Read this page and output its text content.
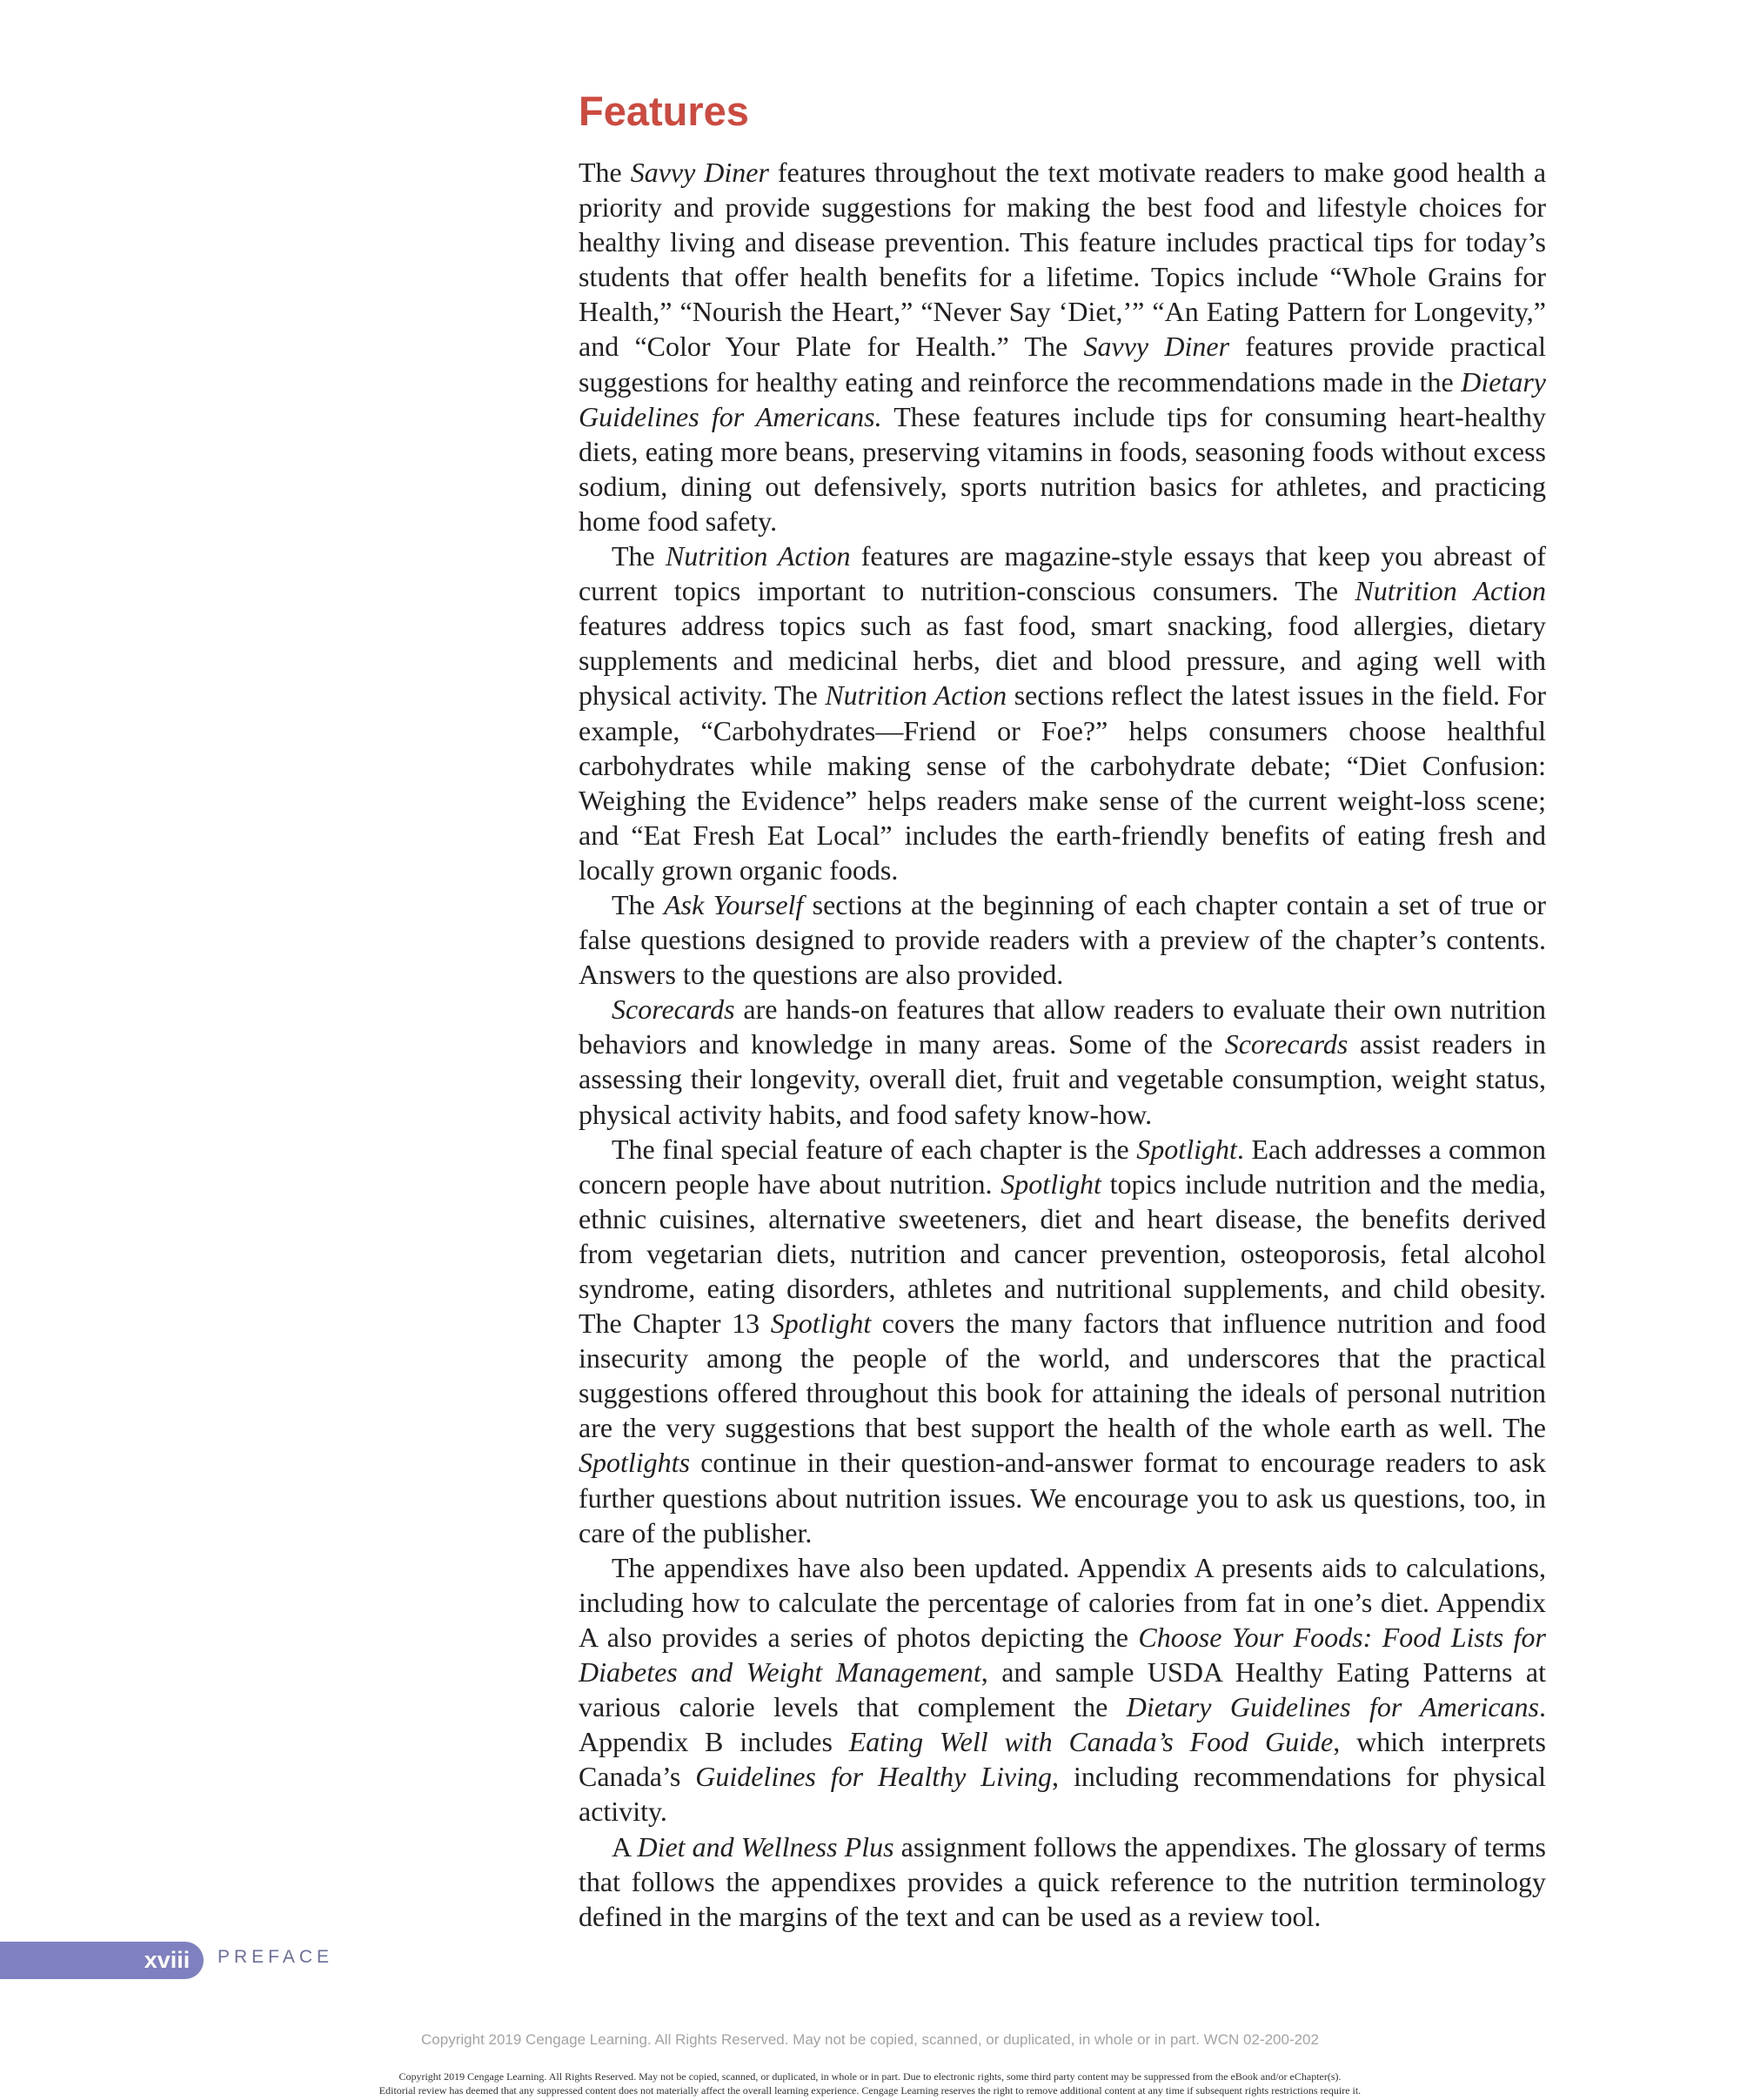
Features

The Savvy Diner features throughout the text motivate readers to make good health a priority and provide suggestions for making the best food and lifestyle choices for healthy living and disease prevention. This feature includes practical tips for today’s students that offer health benefits for a lifetime. Topics include “Whole Grains for Health,” “Nourish the Heart,” “Never Say ‘Diet,’” “An Eating Pattern for Longevity,” and “Color Your Plate for Health.” The Savvy Diner features provide practical suggestions for healthy eating and reinforce the recommendations made in the Dietary Guidelines for Americans. These features include tips for consuming heart-healthy diets, eating more beans, preserving vitamins in foods, seasoning foods without excess sodium, dining out defensively, sports nutrition basics for athletes, and practicing home food safety.

The Nutrition Action features are magazine-style essays that keep you abreast of current topics important to nutrition-conscious consumers. The Nutrition Action features address topics such as fast food, smart snacking, food allergies, dietary supplements and medicinal herbs, diet and blood pressure, and aging well with physical activity. The Nutrition Action sections reflect the latest issues in the field. For example, “Carbohydrates—Friend or Foe?” helps consumers choose healthful carbohydrates while making sense of the carbohydrate debate; “Diet Confusion: Weighing the Evidence” helps readers make sense of the current weight-loss scene; and “Eat Fresh Eat Local” includes the earth-friendly benefits of eating fresh and locally grown organic foods.

The Ask Yourself sections at the beginning of each chapter contain a set of true or false questions designed to provide readers with a preview of the chapter’s contents. Answers to the questions are also provided.

Scorecards are hands-on features that allow readers to evaluate their own nutrition behaviors and knowledge in many areas. Some of the Scorecards assist readers in assessing their longevity, overall diet, fruit and vegetable consumption, weight status, physical activity habits, and food safety know-how.

The final special feature of each chapter is the Spotlight. Each addresses a common concern people have about nutrition. Spotlight topics include nutrition and the media, ethnic cuisines, alternative sweeteners, diet and heart disease, the benefits derived from vegetarian diets, nutrition and cancer prevention, osteoporosis, fetal alcohol syndrome, eating disorders, athletes and nutritional supplements, and child obesity. The Chapter 13 Spotlight covers the many factors that influence nutrition and food insecurity among the people of the world, and underscores that the practical suggestions offered throughout this book for attaining the ideals of personal nutrition are the very suggestions that best support the health of the whole earth as well. The Spotlights continue in their question-and-answer format to encourage readers to ask further questions about nutrition issues. We encourage you to ask us questions, too, in care of the publisher.

The appendixes have also been updated. Appendix A presents aids to calculations, including how to calculate the percentage of calories from fat in one’s diet. Appendix A also provides a series of photos depicting the Choose Your Foods: Food Lists for Diabetes and Weight Management, and sample USDA Healthy Eating Patterns at various calorie levels that complement the Dietary Guidelines for Americans. Appendix B includes Eating Well with Canada’s Food Guide, which interprets Canada’s Guidelines for Healthy Living, including recommendations for physical activity.

A Diet and Wellness Plus assignment follows the appendixes. The glossary of terms that follows the appendixes provides a quick reference to the nutrition terminology defined in the margins of the text and can be used as a review tool.

xviii	PREFACE
Copyright 2019 Cengage Learning. All Rights Reserved. May not be copied, scanned, or duplicated, in whole or in part. WCN 02-200-202
Copyright 2019 Cengage Learning. All Rights Reserved. May not be copied, scanned, or duplicated, in whole or in part. Due to electronic rights, some third party content may be suppressed from the eBook and/or eChapter(s).
Editorial review has deemed that any suppressed content does not materially affect the overall learning experience. Cengage Learning reserves the right to remove additional content at any time if subsequent rights restrictions require it.
